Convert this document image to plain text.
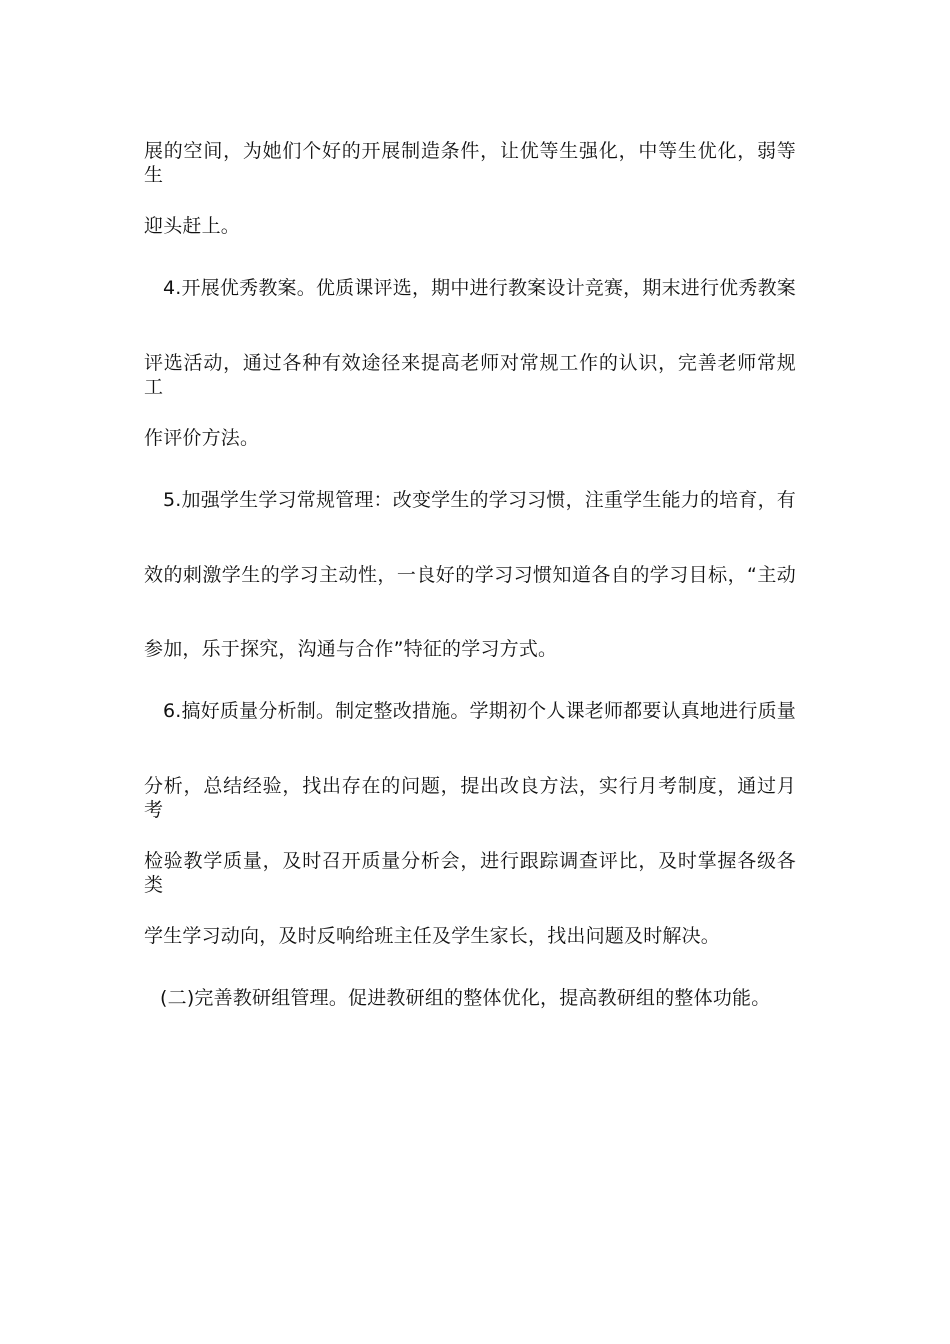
展的空间，为她们个好的开展制造条件，让优等生强化，中等生优化，弱等生
迎头赶上。
4.开展优秀教案。优质课评选，期中进行教案设计竞赛，期末进行优秀教案
评选活动，通过各种有效途径来提高老师对常规工作的认识，完善老师常规工
作评价方法。
5.加强学生学习常规管理：改变学生的学习习惯，注重学生能力的培育，有
效的刺激学生的学习主动性，一良好的学习习惯知道各自的学习目标，“主动
参加，乐于探究，沟通与合作”特征的学习方式。
6.搞好质量分析制。制定整改措施。学期初个人课老师都要认真地进行质量
分析，总结经验，找出存在的问题，提出改良方法，实行月考制度，通过月考
检验教学质量，及时召开质量分析会，进行跟踪调查评比，及时掌握各级各类
学生学习动向，及时反响给班主任及学生家长，找出问题及时解决。
(二)完善教研组管理。促进教研组的整体优化，提高教研组的整体功能。
